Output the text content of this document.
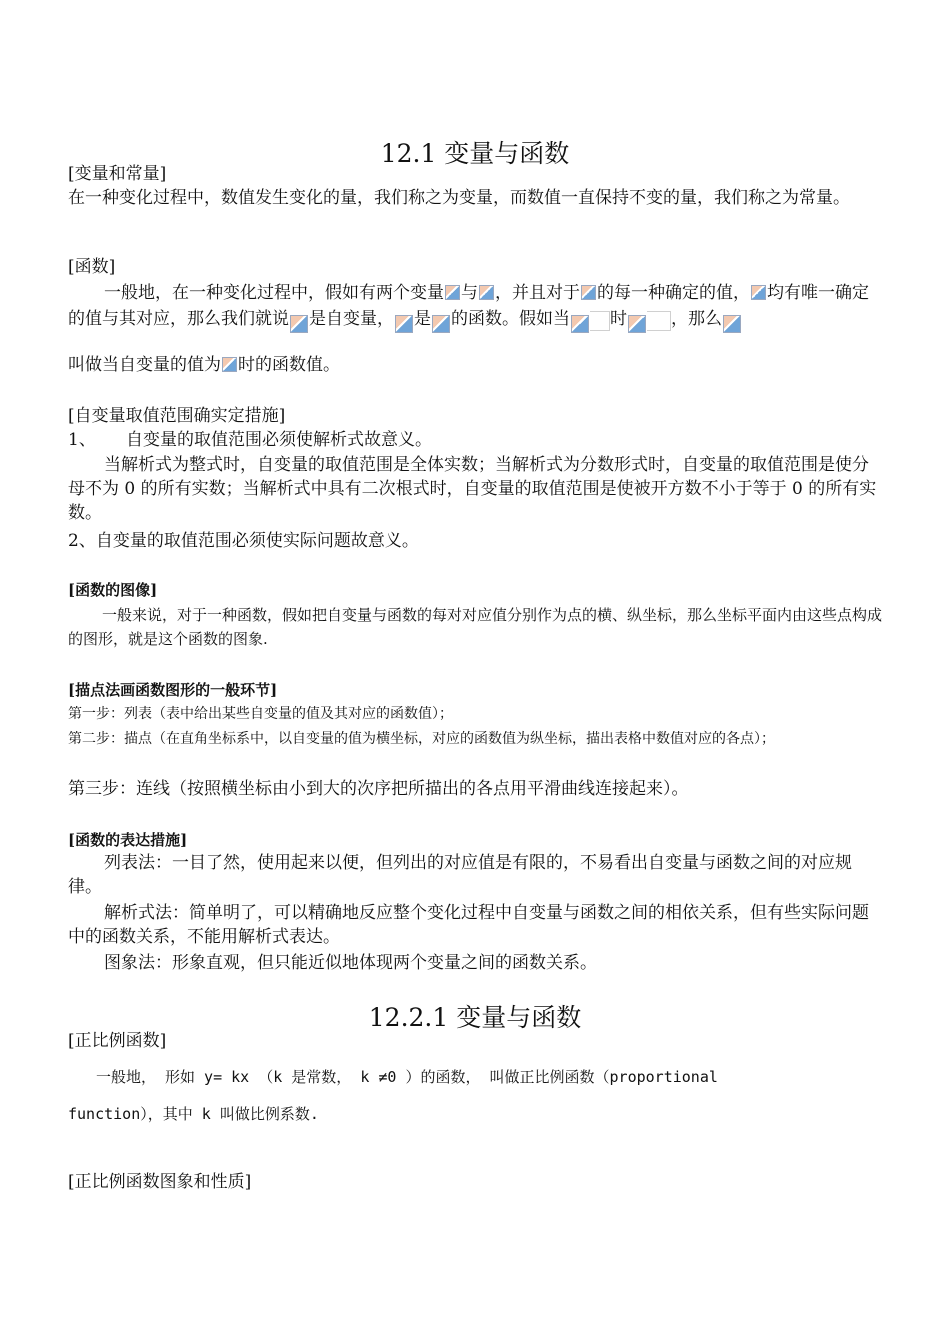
12.1 变量与函数
[变量和常量]
在一种变化过程中，数值发生变化的量，我们称之为变量，而数值一直保持不变的量，我们称之为常量。
[函数]
一般地，在一种变化过程中，假如有两个变量 与 ，并且对于 的每一种确定的值， 均有唯一确定的值与其对应，那么我们就说 是自变量， 是 的函数。假如当 时	，那么
叫做当自变量的值为 时的函数值。
[自变量取值范围确实定措施]
1、 自变量的取值范围必须使解析式故意义。
当解析式为整式时，自变量的取值范围是全体实数；当解析式为分数形式时，自变量的取值范围是使分母不为 0 的所有实数；当解析式中具有二次根式时，自变量的取值范围是使被开方数不小于等于 0 的所有实数。
2、自变量的取值范围必须使实际问题故意义。
[函数的图像]
一般来说，对于一种函数，假如把自变量与函数的每对对应值分别作为点的横、纵坐标，那么坐标平面内由这些点构成的图形，就是这个函数的图象.
[描点法画函数图形的一般环节]
第一步：列表（表中给出某些自变量的值及其对应的函数值）；
第二步：描点（在直角坐标系中，以自变量的值为横坐标，对应的函数值为纵坐标，描出表格中数值对应的各点）；
第三步：连线（按照横坐标由小到大的次序把所描出的各点用平滑曲线连接起来）。
[函数的表达措施]
列表法：一目了然，使用起来以便，但列出的对应值是有限的，不易看出自变量与函数之间的对应规律。
解析式法：简单明了，可以精确地反应整个变化过程中自变量与函数之间的相依关系，但有些实际问题中的函数关系，不能用解析式表达。
图象法：形象直观，但只能近似地体现两个变量之间的函数关系。
12.2.1 变量与函数
[正比例函数]
一般地， 形如 y= kx （k 是常数， k ≠0 ）的函数， 叫做正比例函数（proportional
function），其中 k 叫做比例系数.
[正比例函数图象和性质]
